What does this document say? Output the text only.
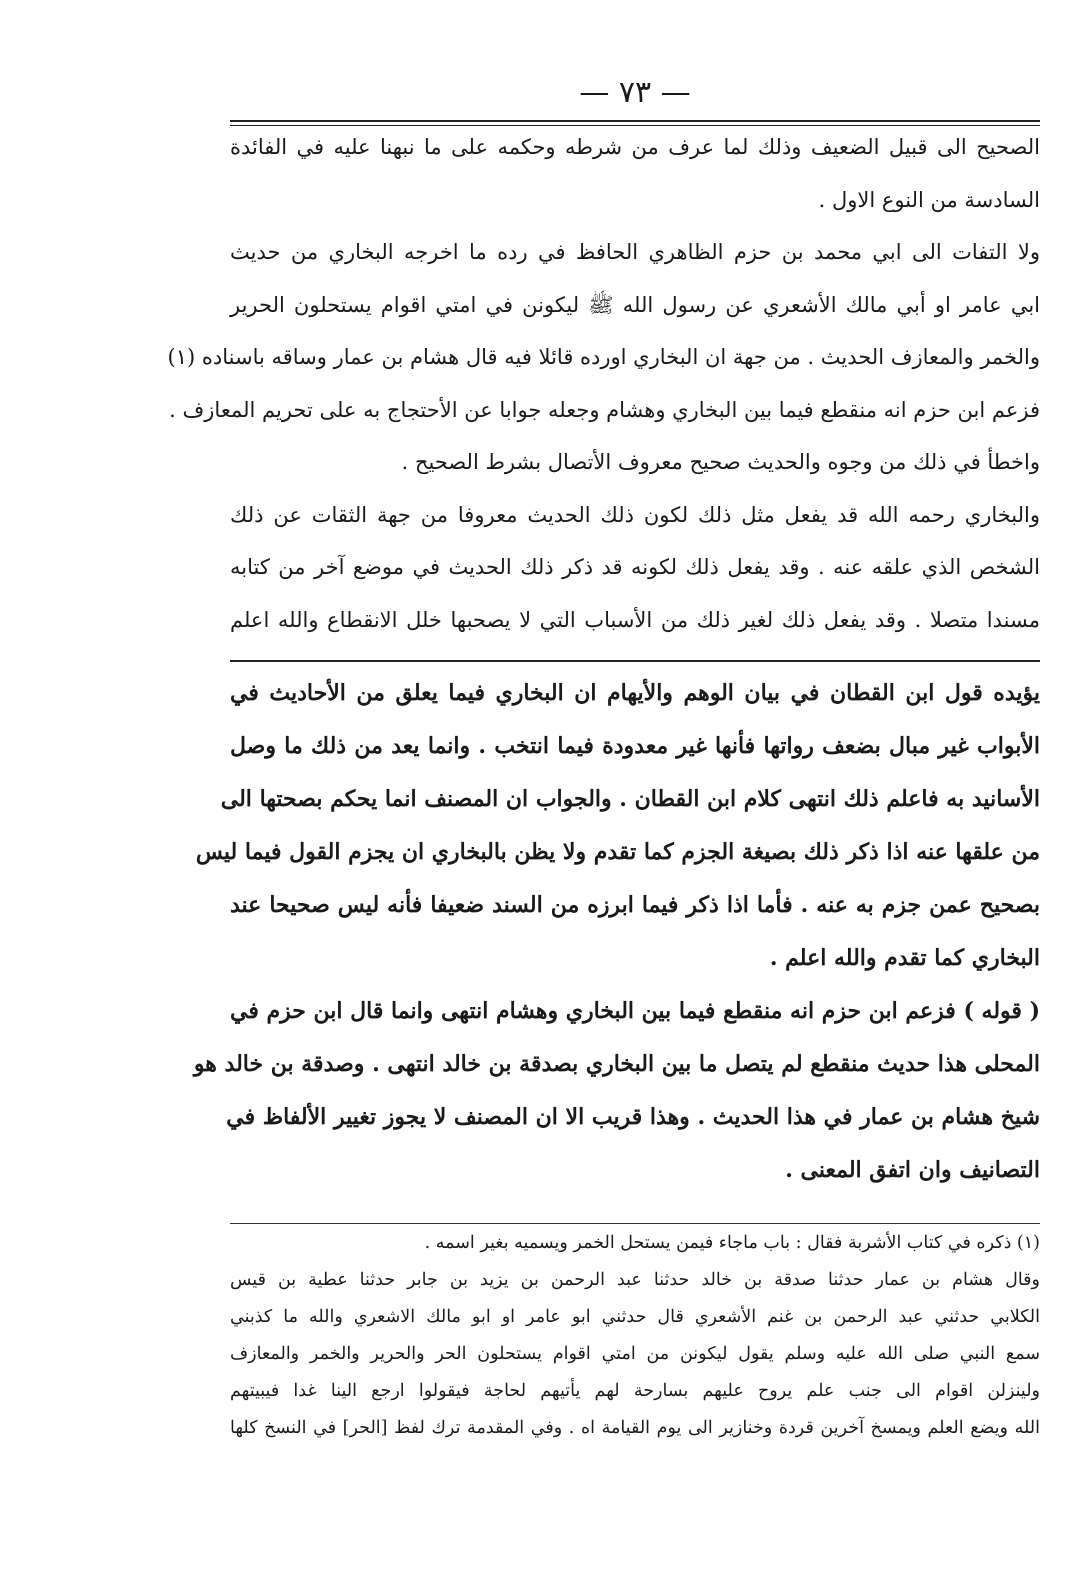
— ٧٣ —
الصحيح الى قبيل الضعيف وذلك لما عرف من شرطه وحكمه على ما نبهنا عليه في الفائدة
السادسة من النوع الاول .
ولا التفات الى ابي محمد بن حزم الظاهري الحافظ في رده ما اخرجه البخاري من حديث
ابي عامر او أبي مالك الأشعري عن رسول الله ﷺ ليكونن في امتي اقوام يستحلون الحرير
والخمر والمعازف الحديث . من جهة ان البخاري اورده قائلا فيه قال هشام بن عمار وساقه باسناده (١)
فزعم ابن حزم انه منقطع فيما بين البخاري وهشام وجعله جوابا عن الأحتجاج به على تحريم المعازف .
واخطأ في ذلك من وجوه والحديث صحيح معروف الأتصال بشرط الصحيح .
والبخاري رحمه الله قد يفعل مثل ذلك لكون ذلك الحديث معروفا من جهة الثقات عن ذلك
الشخص الذي علقه عنه . وقد يفعل ذلك لكونه قد ذكر ذلك الحديث في موضع آخر من كتابه
مسندا متصلا . وقد يفعل ذلك لغير ذلك من الأسباب التي لا يصحبها خلل الانقطاع والله اعلم
يؤيده قول ابن القطان في بيان الوهم والأيهام ان البخاري فيما يعلق من الأحاديث في
الأبواب غير مبال بضعف رواتها فأنها غير معدودة فيما انتخب . وانما يعد من ذلك ما وصل
الأسانيد به فاعلم ذلك انتهى كلام ابن القطان . والجواب ان المصنف انما يحكم بصحتها الى
من علقها عنه اذا ذكر ذلك بصيغة الجزم كما تقدم ولا يظن بالبخاري ان يجزم القول فيما ليس
بصحيح عمن جزم به عنه . فأما اذا ذكر فيما ابرزه من السند ضعيفا فأنه ليس صحيحا عند
البخاري كما تقدم والله اعلم .
( قوله ) فزعم ابن حزم انه منقطع فيما بين البخاري وهشام انتهى وانما قال ابن حزم في
المحلى هذا حديث منقطع لم يتصل ما بين البخاري بصدقة بن خالد انتهى . وصدقة بن خالد هو
شيخ هشام بن عمار في هذا الحديث . وهذا قريب الا ان المصنف لا يجوز تغيير الألفاظ في
التصانيف وان اتفق المعنى .
(١) ذكره في كتاب الأشربة فقال : باب ماجاء فيمن يستحل الخمر ويسميه بغير اسمه .
وقال هشام بن عمار حدثنا صدقة بن خالد حدثنا عبد الرحمن بن يزيد بن جابر حدثنا عطية بن قيس
الكلابي حدثني عبد الرحمن بن غنم الأشعري قال حدثني ابو عامر او ابو مالك الاشعري والله ما كذبني
سمع النبي صلى الله عليه وسلم يقول ليكونن من امتي اقوام يستحلون الحر والحرير والخمر والمعازف
ولينزلن اقوام الى جنب علم يروح عليهم بسارحة لهم يأتيهم لحاجة فيقولوا ارجع الينا غدا فيبيتهم
الله ويضع العلم ويمسخ آخرين قردة وخنازير الى يوم القيامة اه . وفي المقدمة ترك لفظ [الحر] في النسخ كلها
